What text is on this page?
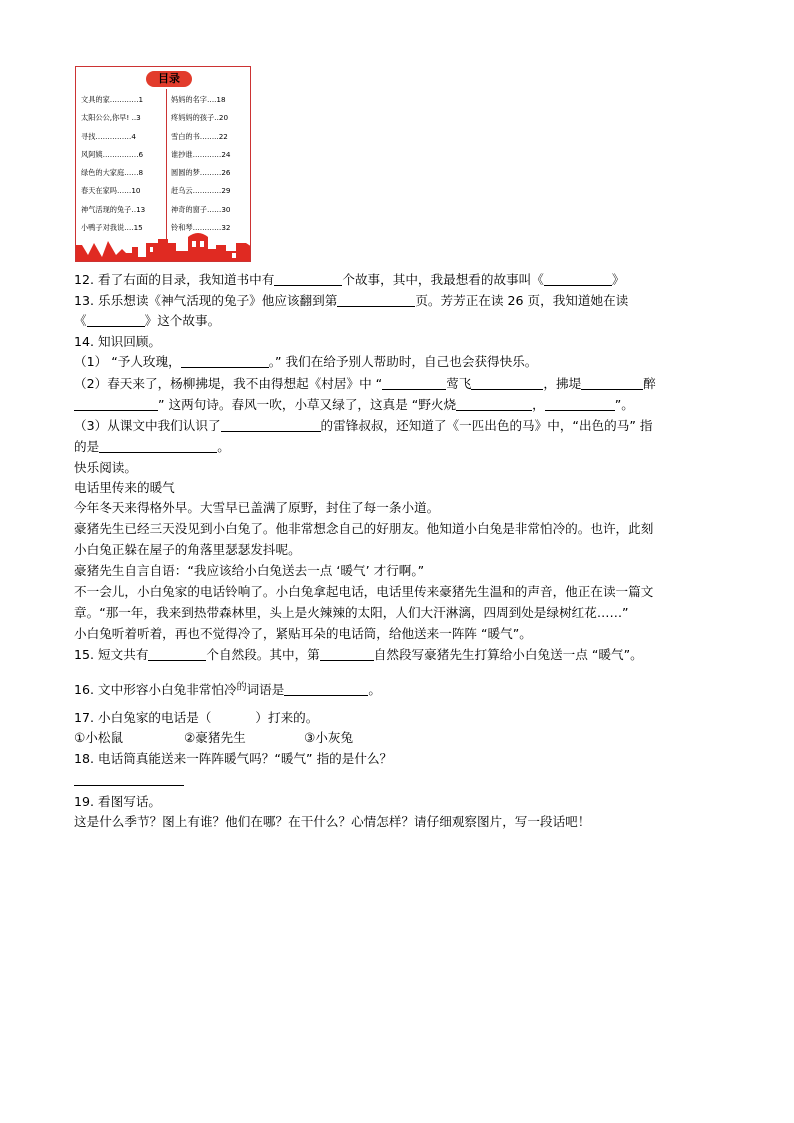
目录
文具的家…………1
太阳公公,你早! ..3
寻找……………4
风阿姨……………6
绿色的大家庭……8
春天在家吗……10
神气活现的兔子‥13
小鸭子对我说….15
妈妈的名字….18
疼妈妈的孩子‥20
雪白的书……..22
谁抄谁…………24
圆圆的梦………26
赶乌云…………29
神奇的窗子……30
铃和琴…………32
12. 看了右面的目录，我知道书中有	个故事，其中，我最想看的故事叫《	》
13. 乐乐想读《神气活现的兔子》他应该翻到第	页。芳芳正在读 26 页，我知道她在读
《	》这个故事。
14. 知识回顾。
（1） “予人玫瑰，	。” 我们在给予别人帮助时，自己也会获得快乐。
（2）春天来了，杨柳拂堤，我不由得想起《村居》中 “	莺飞	，拂堤	醉
” 这两句诗。春风一吹，小草又绿了，这真是 “野火烧	，	”。
（3）从课文中我们认识了	的雷锋叔叔，还知道了《一匹出色的马》中，“出色的马” 指
的是	。
快乐阅读。
电话里传来的暖气
今年冬天来得格外早。大雪早已盖满了原野，封住了每一条小道。
豪猪先生已经三天没见到小白兔了。他非常想念自己的好朋友。他知道小白兔是非常怕冷的。也许，此刻
小白兔正躲在屋子的角落里瑟瑟发抖呢。
豪猪先生自言自语：“我应该给小白兔送去一点 ‘暖气’ 才行啊。”
不一会儿，小白兔家的电话铃响了。小白兔拿起电话，电话里传来豪猪先生温和的声音，他正在读一篇文
章。“那一年，我来到热带森林里，头上是火辣辣的太阳，人们大汗淋漓，四周到处是绿树红花……”
小白兔听着听着，再也不觉得冷了，紧贴耳朵的电话筒，给他送来一阵阵 “暖气”。
15. 短文共有	个自然段。其中，第	自然段写豪猪先生打算给小白兔送一点 “暖气”。
16. 文中形容小白兔非常怕冷$^的$词语是	。
17. 小白兔家的电话是（	）打来的。
①小松鼠	②豪猪先生	③小灰兔
18. 电话筒真能送来一阵阵暖气吗？“暖气” 指的是什么？
19. 看图写话。
这是什么季节？图上有谁？他们在哪？在干什么？心情怎样？请仔细观察图片，写一段话吧！
